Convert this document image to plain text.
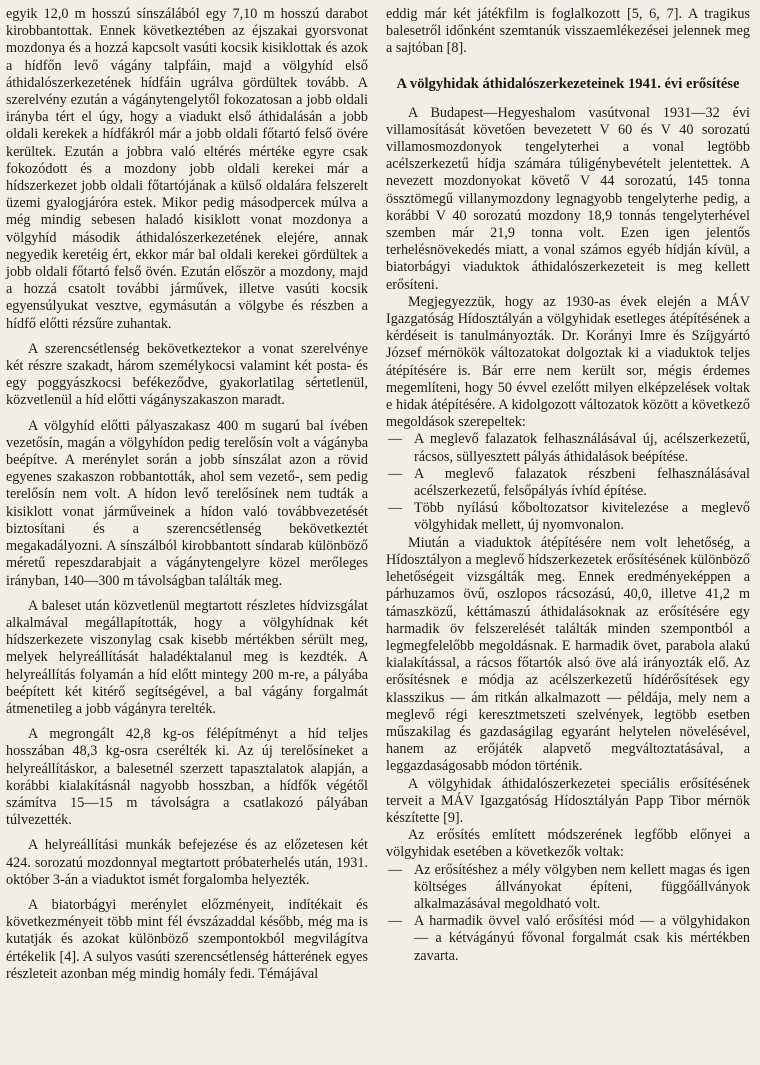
egyik 12,0 m hosszú sínszálából egy 7,10 m hosszú darabot kirobbantottak. Ennek következtében az éjszakai gyorsvonat mozdonya és a hozzá kapcsolt vasúti kocsik kisiklottak és azok a hídfőn levő vágány talpfáin, majd a völgyhíd első áthidalószerkezetének hídfáin ugrálva gördültek tovább. A szerelvény ezután a vágánytengelytől fokozatosan a jobb oldali irányba tért el úgy, hogy a viadukt első áthidalásán a jobb oldali kerekek a hídfákról már a jobb oldali főtartó felső övére kerültek. Ezután a jobbra való eltérés mértéke egyre csak fokozódott és a mozdony jobb oldali kerekei már a hídszerkezet jobb oldali főtartójának a külső oldalára felszerelt üzemi gyalogjáróra estek. Mikor pedig másodpercek múlva a még mindig sebesen haladó kisiklott vonat mozdonya a völgyhíd második áthidalószerkezetének elejére, annak negyedik keretéig ért, ekkor már bal oldali kerekei gördültek a jobb oldali főtartó felső övén. Ezután először a mozdony, majd a hozzá csatolt további járművek, illetve vasúti kocsik egyensúlyukat vesztve, egymásután a völgybe és részben a hídfő előtti rézsűre zuhantak.

A szerencsétlenség bekövetkeztekor a vonat szerelvénye két részre szakadt, három személykocsi valamint két posta- és egy poggyászkocsi befékeződve, gyakorlatilag sértetlenül, közvetlenül a híd előtti vágányszakaszon maradt.

A völgyhíd előtti pályaszakasz 400 m sugarú bal ívében vezetősín, magán a völgyhídon pedig terelősín volt a vágányba beépítve. A merénylet során a jobb sínszálat azon a rövid egyenes szakaszon robbantották, ahol sem vezető-, sem pedig terelősín nem volt. A hídon levő terelősínek nem tudták a kisiklott vonat járműveinek a hídon való továbbvezetését biztosítani és a szerencsétlenség bekövetkeztét megakadályozni. A sínszálból kirobbantott síndarab különböző méretű repeszdarabjait a vágánytengelyre közel merőleges irányban, 140—300 m távolságban találták meg.

A baleset után közvetlenül megtartott részletes hídvizsgálat alkalmával megállapították, hogy a völgyhídnak két hídszerkezete viszonylag csak kisebb mértékben sérült meg, melyek helyreállítását haladéktalanul meg is kezdték. A helyreállítás folyamán a híd előtt mintegy 200 m-re, a pályába beépített két kitérő segítségével, a bal vágány forgalmát átmenetileg a jobb vágányra terelték.

A megrongált 42,8 kg-os félépítményt a híd teljes hosszában 48,3 kg-osra cserélték ki. Az új terelősíneket a helyreállításkor, a balesetnél szerzett tapasztalatok alapján, a korábbi kialakításnál nagyobb hosszban, a hídfők végétől számítva 15—15 m távolságra a csatlakozó pályában túlvezették.

A helyreállítási munkák befejezése és az előzetesen két 424. sorozatú mozdonnyal megtartott próbaterhelés után, 1931. október 3-án a viaduktot ismét forgalomba helyezték.

A biatorbágyi merénylet előzményeit, indítékait és következményeit több mint fél évszázaddal később, még ma is kutatják és azokat különböző szempontokból megvilágítva értékelik [4]. A sulyos vasúti szerencsétlenség hátterének egyes részleteit azonban még mindig homály fedi. Témájával

eddig már két játékfilm is foglalkozott [5, 6, 7]. A tragikus balesetről időnként szemtanúk visszaemlékezései jelennek meg a sajtóban [8].

A völgyhidak áthidalószerkezeteinek 1941. évi erősítése

A Budapest—Hegyeshalom vasútvonal 1931—32 évi villamosítását követően bevezetett V 60 és V 40 sorozatú villamosmozdonyok tengelyterhei a vonal legtöbb acélszerkezetű hídja számára túligénybevételt jelentettek. A nevezett mozdonyokat követő V 44 sorozatú, 145 tonna össztömegű villanymozdony legnagyobb tengelyterhe pedig, a korábbi V 40 sorozatú mozdony 18,9 tonnás tengelyterhével szemben már 21,9 tonna volt. Ezen igen jelentős terhelésnövekedés miatt, a vonal számos egyéb hídján kívül, a biatorbágyi viaduktok áthidalószerkezeteit is meg kellett erősíteni.

Megjegyezzük, hogy az 1930-as évek elején a MÁV Igazgatóság Hídosztályán a völgyhidak esetleges átépítésének a kérdéseit is tanulmányozták. Dr. Korányi Imre és Szíjgyártó József mérnökök változatokat dolgoztak ki a viaduktok teljes átépítésére is. Bár erre nem került sor, mégis érdemes megemlíteni, hogy 50 évvel ezelőtt milyen elképzelések voltak e hidak átépítésére. A kidolgozott változatok között a következő megoldások szerepeltek:

— A meglevő falazatok felhasználásával új, acélszerkezetű, rácsos, süllyesztett pályás áthidalások beépítése.
— A meglevő falazatok részbeni felhasználásával acélszerkezetű, felsőpályás ívhíd építése.
— Több nyílású kőboltozatsor kivitelezése a meglevő völgyhidak mellett, új nyomvonalon.

Miután a viaduktok átépítésére nem volt lehetőség, a Hídosztályon a meglevő hídszerkezetek erősítésének különböző lehetőségeit vizsgálták meg. Ennek eredményeképpen a párhuzamos övű, oszlopos rácsozású, 40,0, illetve 41,2 m támaszközű, kéttámaszú áthidalásoknak az erősítésére egy harmadik öv felszerelését találták minden szempontból a legmegfelelőbb megoldásnak. E harmadik övet, parabola alakú kialakítással, a rácsos főtartók alsó öve alá irányozták elő. Az erősítésnek e módja az acélszerkezetű hídérősítések egy klasszikus — ám ritkán alkalmazott — példája, mely nem a meglevő régi keresztmetszeti szelvények, legtöbb esetben műszakilag és gazdaságilag egyaránt helytelen növelésével, hanem az erőjáték alapvető megváltoztatásával, a leggazdaságosabb módon történik.

A völgyhidak áthidalószerkezetei speciális erősítésének terveit a MÁV Igazgatóság Hídosztályán Papp Tibor mérnök készítette [9].

Az erősítés említett módszerének legfőbb előnyei a völgyhidak esetében a következők voltak:

— Az erősítéshez a mély völgyben nem kellett magas és igen költséges állványokat építeni, függőállványok alkalmazásával megoldható volt.
— A harmadik övvel való erősítési mód — a völgyhidakon — a kétvágányú fővonal forgalmát csak kis mértékben zavarta.
